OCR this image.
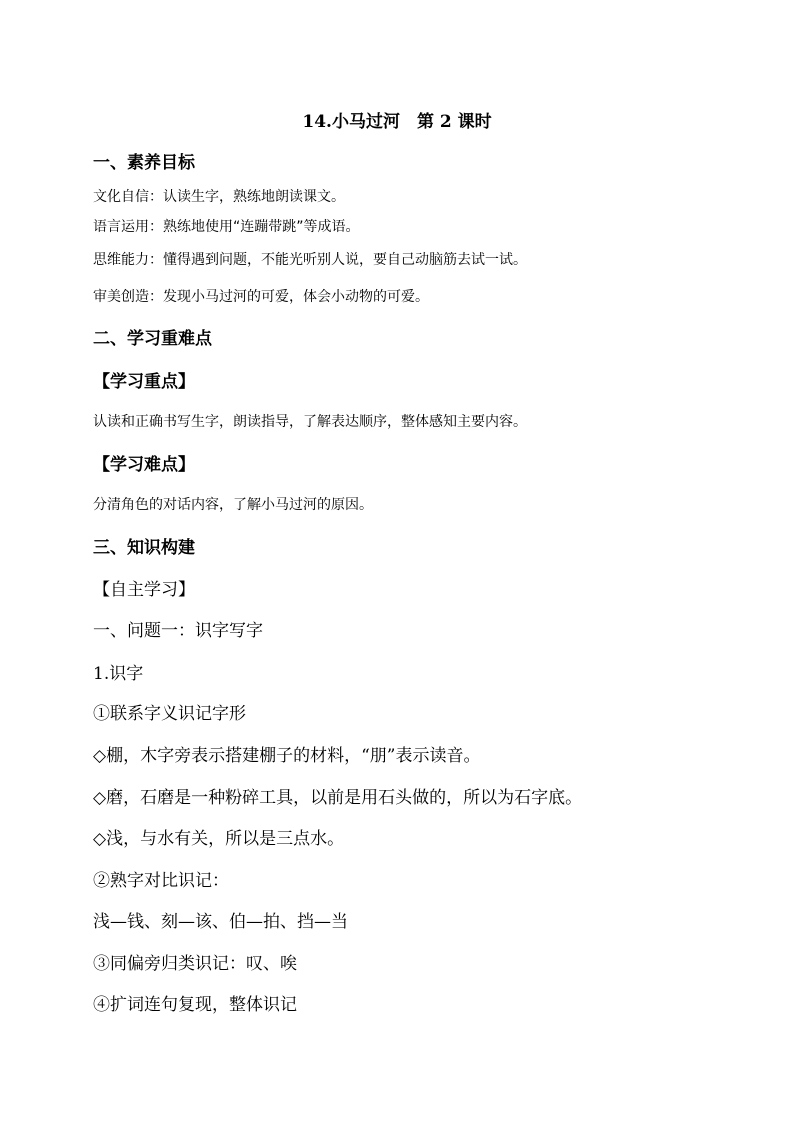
14.小马过河　第 2 课时
一、素养目标
文化自信：认读生字，熟练地朗读课文。
语言运用：熟练地使用“连蹦带跳”等成语。
思维能力：懂得遇到问题，不能光听别人说，要自己动脑筋去试一试。
审美创造：发现小马过河的可爱，体会小动物的可爱。
二、学习重难点
【学习重点】
认读和正确书写生字，朗读指导，了解表达顺序，整体感知主要内容。
【学习难点】
分清角色的对话内容，了解小马过河的原因。
三、知识构建
【自主学习】
一、问题一：识字写字
1.识字
①联系字义识记字形
◇棚，木字旁表示搭建棚子的材料，“朋”表示读音。
◇磨，石磨是一种粉碎工具，以前是用石头做的，所以为石字底。
◇浅，与水有关，所以是三点水。
②熟字对比识记：
浅—钱、刻—该、伯—拍、挡—当
③同偏旁归类识记：叹、唉
④扩词连句复现，整体识记
